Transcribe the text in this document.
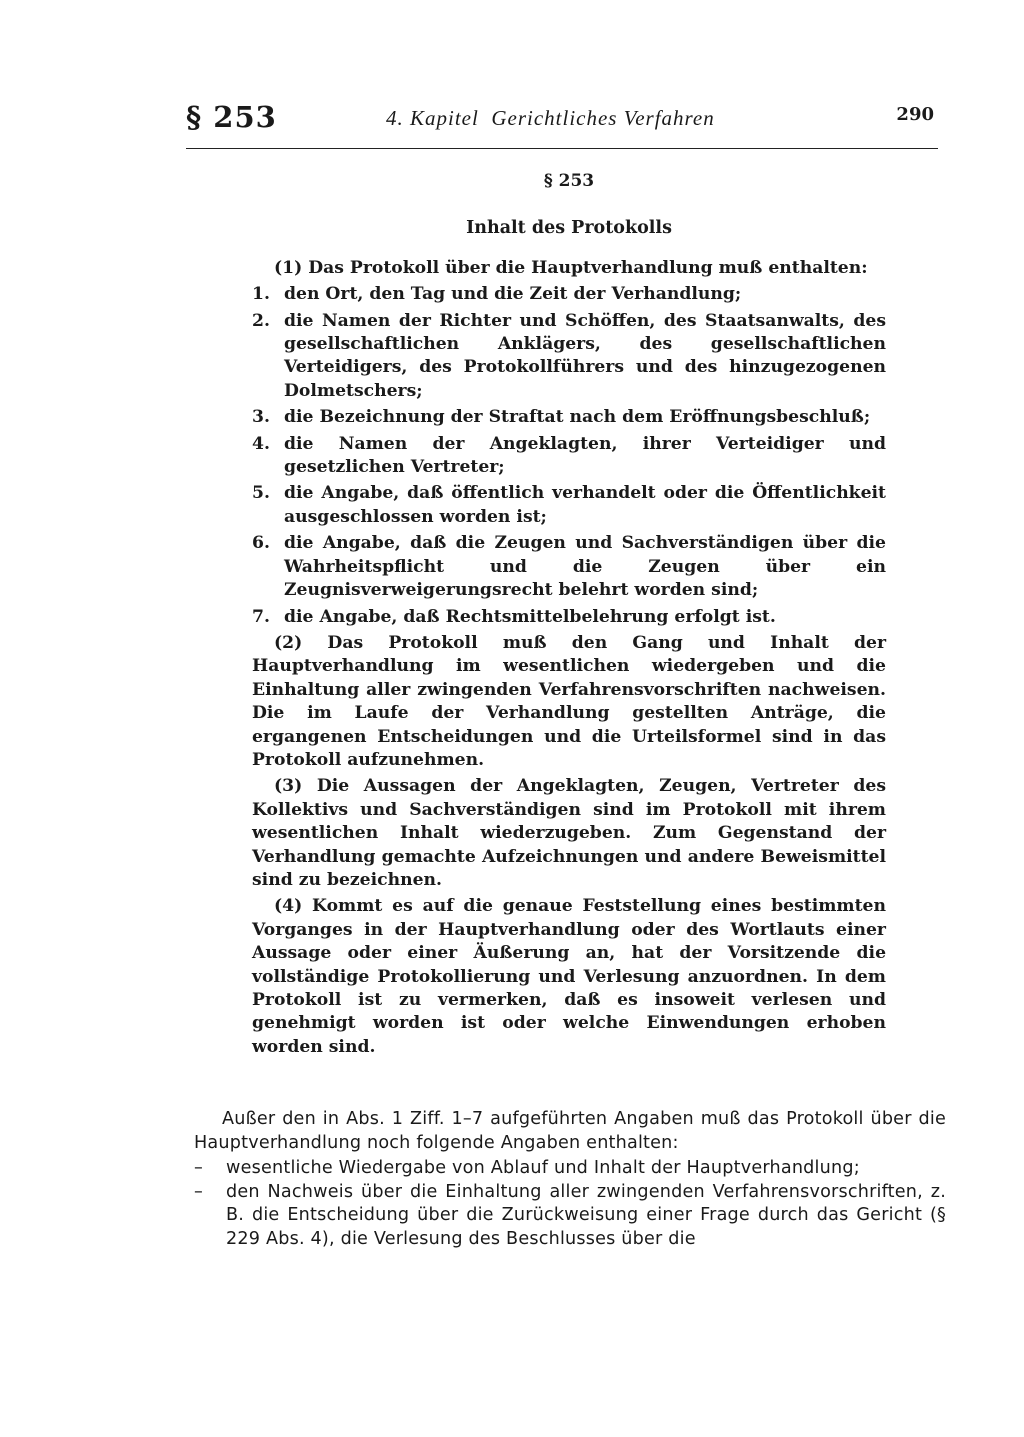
§ 253	4. Kapitel  Gerichtliches Verfahren	290
§ 253
Inhalt des Protokolls

(1) Das Protokoll über die Hauptverhandlung muß enthalten:

1. den Ort, den Tag und die Zeit der Verhandlung;
2. die Namen der Richter und Schöffen, des Staatsanwalts, des gesellschaftlichen Anklägers, des gesellschaftlichen Verteidigers, des Protokollführers und des hinzugezogenen Dolmetschers;
3. die Bezeichnung der Straftat nach dem Eröffnungsbeschluß;
4. die Namen der Angeklagten, ihrer Verteidiger und gesetzlichen Vertreter;
5. die Angabe, daß öffentlich verhandelt oder die Öffentlichkeit ausgeschlossen worden ist;
6. die Angabe, daß die Zeugen und Sachverständigen über die Wahrheitspflicht und die Zeugen über ein Zeugnisverweigerungsrecht belehrt worden sind;
7. die Angabe, daß Rechtsmittelbelehrung erfolgt ist.

(2) Das Protokoll muß den Gang und Inhalt der Hauptverhandlung im wesentlichen wiedergeben und die Einhaltung aller zwingenden Verfahrensvorschriften nachweisen. Die im Laufe der Verhandlung gestellten Anträge, die ergangenen Entscheidungen und die Urteilsformel sind in das Protokoll aufzunehmen.

(3) Die Aussagen der Angeklagten, Zeugen, Vertreter des Kollektivs und Sachverständigen sind im Protokoll mit ihrem wesentlichen Inhalt wiederzugeben. Zum Gegenstand der Verhandlung gemachte Aufzeichnungen und andere Beweismittel sind zu bezeichnen.

(4) Kommt es auf die genaue Feststellung eines bestimmten Vorganges in der Hauptverhandlung oder des Wortlauts einer Aussage oder einer Äußerung an, hat der Vorsitzende die vollständige Protokollierung und Verlesung anzuordnen. In dem Protokoll ist zu vermerken, daß es insoweit verlesen und genehmigt worden ist oder welche Einwendungen erhoben worden sind.

Außer den in Abs. 1 Ziff. 1–7 aufgeführten Angaben muß das Protokoll über die Hauptverhandlung noch folgende Angaben enthalten:

–	wesentliche Wiedergabe von Ablauf und Inhalt der Hauptverhandlung;
–	den Nachweis über die Einhaltung aller zwingenden Verfahrensvorschriften, z. B. die Entscheidung über die Zurückweisung einer Frage durch das Gericht (§ 229 Abs. 4), die Verlesung des Beschlusses über die
